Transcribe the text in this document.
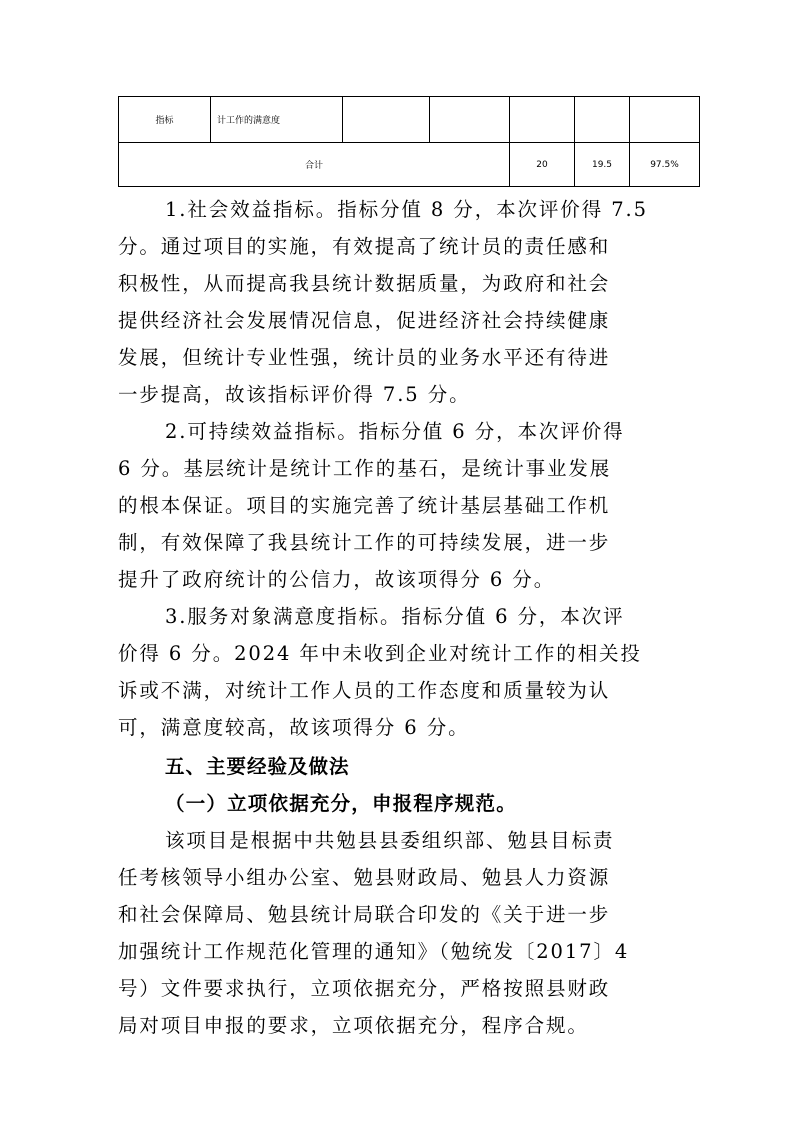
指标	计工作的满意度					
合计				20	19.5	97.5%
1.社会效益指标。指标分值 8 分，本次评价得 7.5
分。通过项目的实施，有效提高了统计员的责任感和
积极性，从而提高我县统计数据质量，为政府和社会
提供经济社会发展情况信息，促进经济社会持续健康
发展，但统计专业性强，统计员的业务水平还有待进
一步提高，故该指标评价得 7.5 分。
2.可持续效益指标。指标分值 6 分，本次评价得
6 分。基层统计是统计工作的基石，是统计事业发展
的根本保证。项目的实施完善了统计基层基础工作机
制，有效保障了我县统计工作的可持续发展，进一步
提升了政府统计的公信力，故该项得分 6 分。
3.服务对象满意度指标。指标分值 6 分，本次评
价得 6 分。2024 年中未收到企业对统计工作的相关投
诉或不满，对统计工作人员的工作态度和质量较为认
可，满意度较高，故该项得分 6 分。
五、主要经验及做法
（一）立项依据充分，申报程序规范。
该项目是根据中共勉县县委组织部、勉县目标责
任考核领导小组办公室、勉县财政局、勉县人力资源
和社会保障局、勉县统计局联合印发的《关于进一步
加强统计工作规范化管理的通知》（勉统发〔2017〕4
号）文件要求执行，立项依据充分，严格按照县财政
局对项目申报的要求，立项依据充分，程序合规。
